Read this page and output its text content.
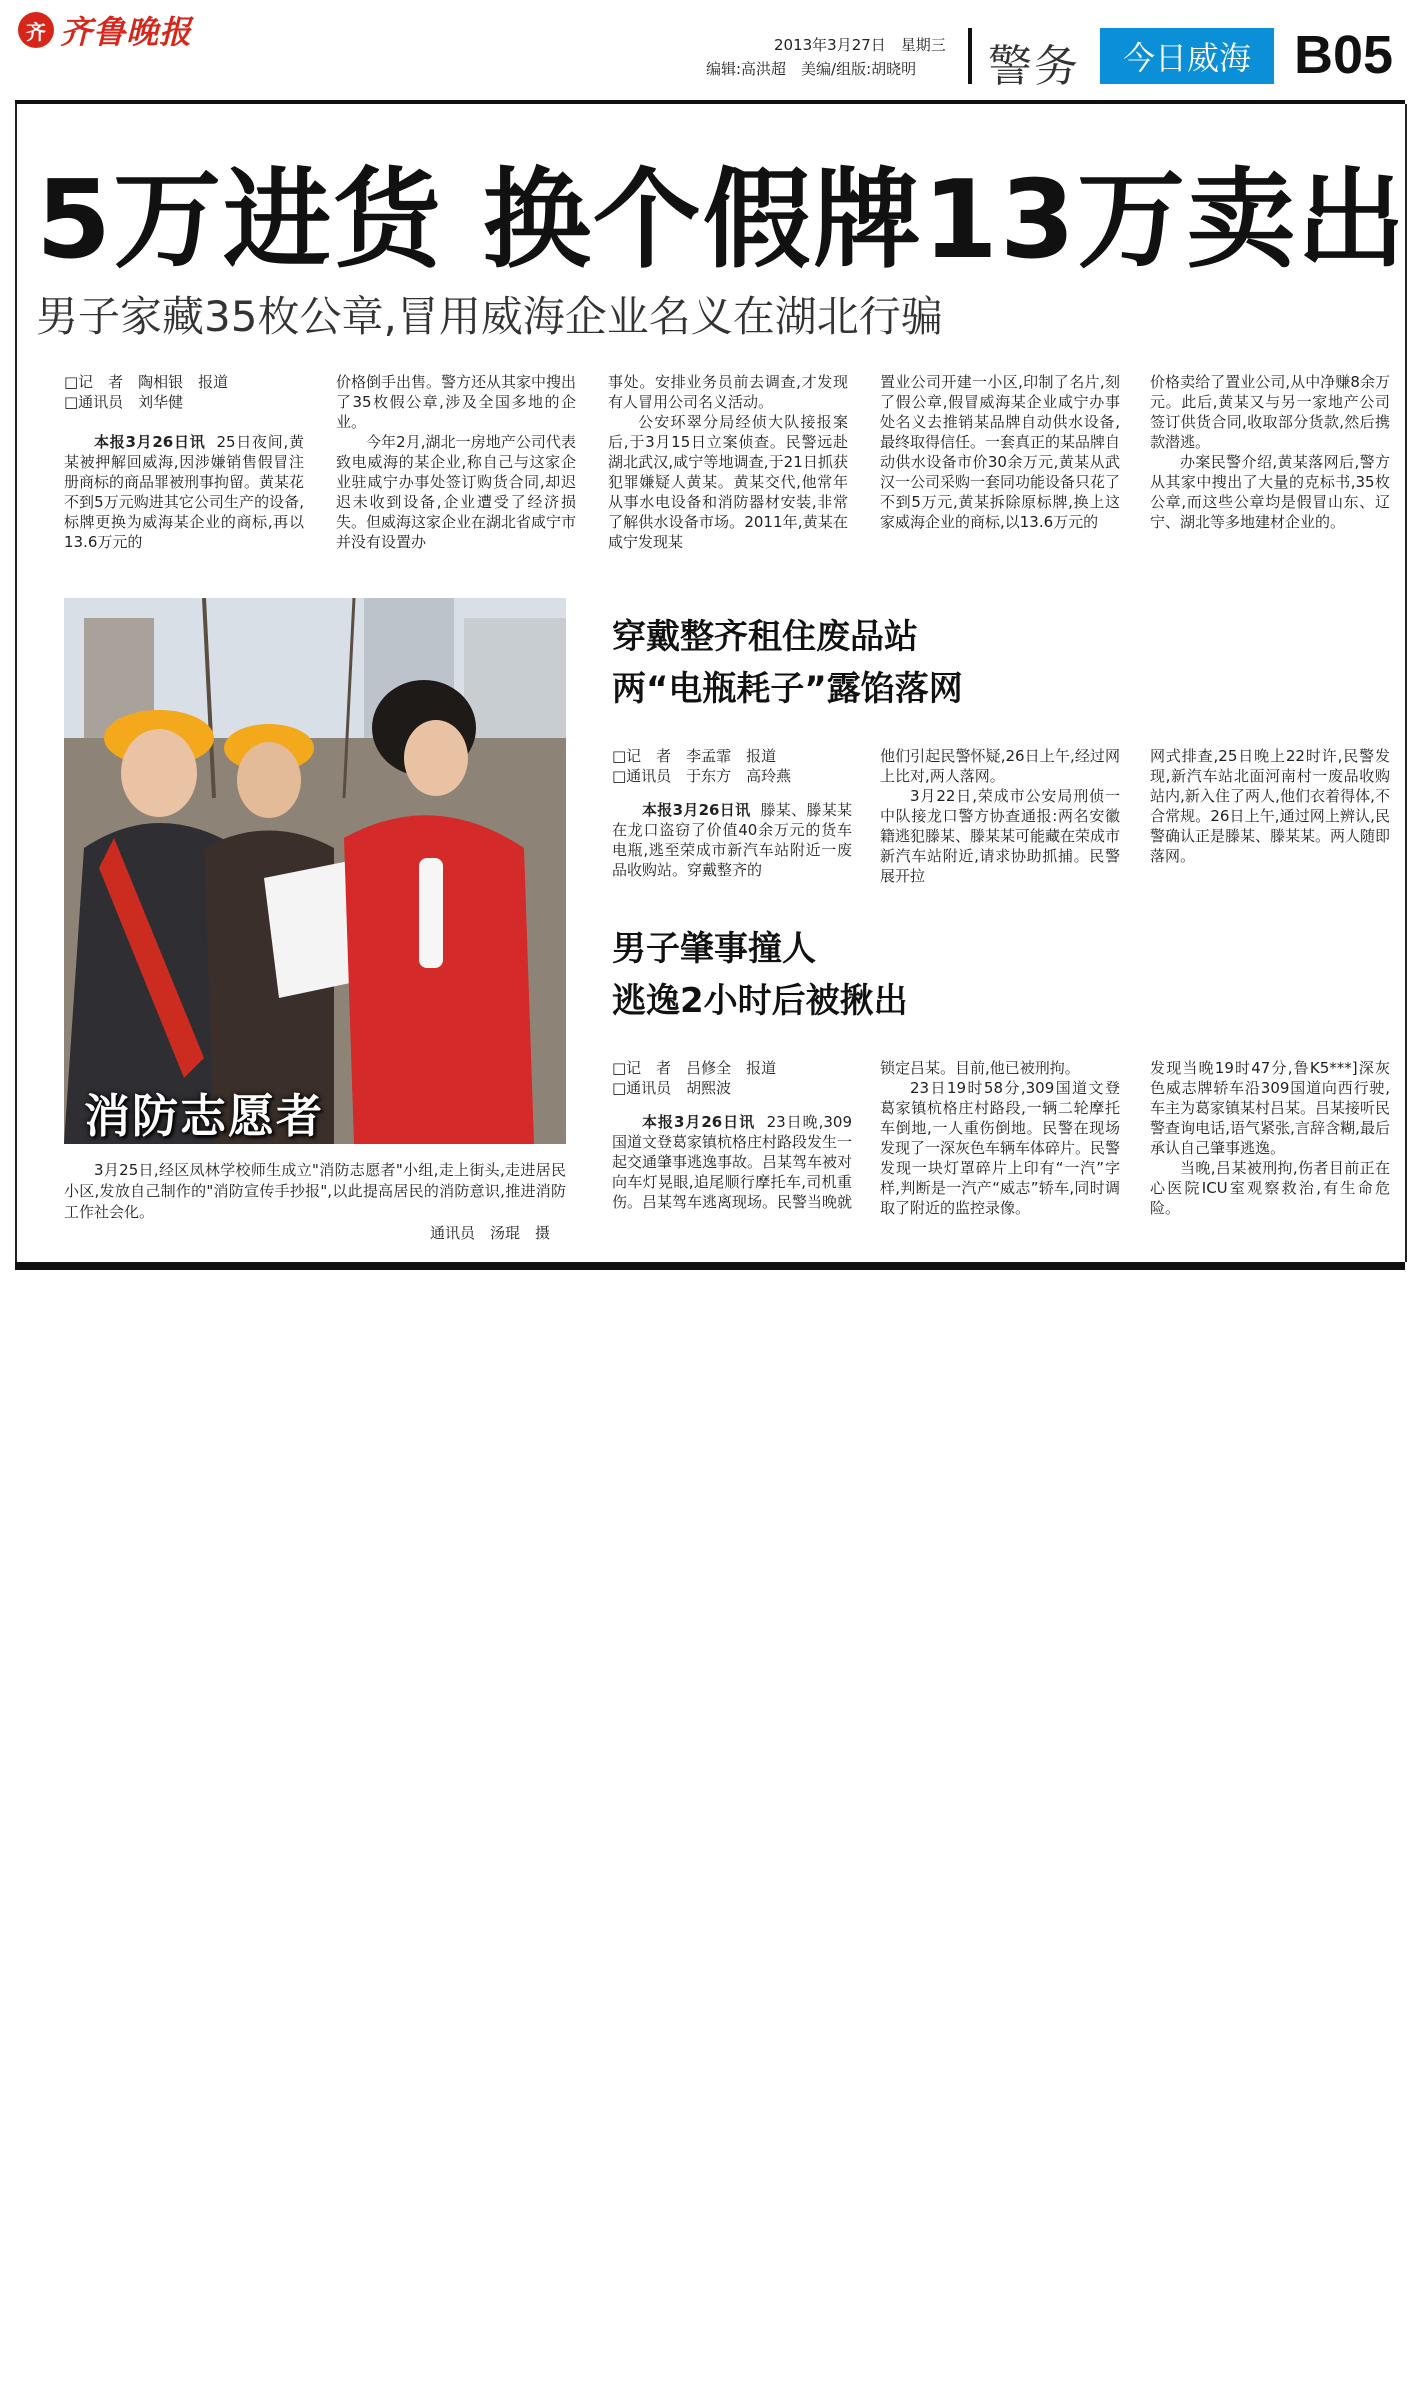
齐 齐鲁晚报	2013年3月27日　星期三
编辑:高洪超　美编/组版:胡晓明 警务	今日威海 B05
5万进货 换个假牌13万卖出
男子家藏35枚公章,冒用威海企业名义在湖北行骗
□记　者　陶相银　报道
□通讯员　刘华健

本报3月26日讯 25日夜间,黄某被押解回威海,因涉嫌销售假冒注册商标的商品罪被刑事拘留。黄某花不到5万元购进其它公司生产的设备,标牌更换为威海某企业的商标,再以13.6万元的

价格倒手出售。警方还从其家中搜出了35枚假公章,涉及全国多地的企业。

今年2月,湖北一房地产公司代表致电威海的某企业,称自己与这家企业驻咸宁办事处签订购货合同,却迟迟未收到设备,企业遭受了经济损失。但威海这家企业在湖北省咸宁市并没有设置办

事处。安排业务员前去调查,才发现有人冒用公司名义活动。

公安环翠分局经侦大队接报案后,于3月15日立案侦查。民警远赴湖北武汉,咸宁等地调查,于21日抓获犯罪嫌疑人黄某。黄某交代,他常年从事水电设备和消防器材安装,非常了解供水设备市场。2011年,黄某在咸宁发现某

置业公司开建一小区,印制了名片,刻了假公章,假冒威海某企业咸宁办事处名义去推销某品牌自动供水设备,最终取得信任。一套真正的某品牌自动供水设备市价30余万元,黄某从武汉一公司采购一套同功能设备只花了不到5万元,黄某拆除原标牌,换上这家威海企业的商标,以13.6万元的

价格卖给了置业公司,从中净赚8余万元。此后,黄某又与另一家地产公司签订供货合同,收取部分货款,然后携款潜逃。

办案民警介绍,黄某落网后,警方从其家中搜出了大量的克标书,35枚公章,而这些公章均是假冒山东、辽宁、湖北等多地建材企业的。

消防志愿者

3月25日,经区凤林学校师生成立"消防志愿者"小组,走上街头,走进居民小区,发放自己制作的"消防宣传手抄报",以此提高居民的消防意识,推进消防工作社会化。

通讯员　汤琨　摄
穿戴整齐租住废品站
两“电瓶耗子”露馅落网
□记　者　李孟霏　报道
□通讯员　于东方　高玲燕

本报3月26日讯 滕某、滕某某在龙口盗窃了价值40余万元的货车电瓶,逃至荣成市新汽车站附近一废品收购站。穿戴整齐的

他们引起民警怀疑,26日上午,经过网上比对,两人落网。

3月22日,荣成市公安局刑侦一中队接龙口警方协查通报:两名安徽籍逃犯滕某、滕某某可能藏在荣成市新汽车站附近,请求协助抓捕。民警展开拉

网式排查,25日晚上22时许,民警发现,新汽车站北面河南村一废品收购站内,新入住了两人,他们衣着得体,不合常规。26日上午,通过网上辨认,民警确认正是滕某、滕某某。两人随即落网。

男子肇事撞人
逃逸2小时后被揪出
□记　者　吕修全　报道
□通讯员　胡熙波

本报3月26日讯 23日晚,309国道文登葛家镇杭格庄村路段发生一起交通肇事逃逸事故。吕某驾车被对向车灯晃眼,追尾顺行摩托车,司机重伤。吕某驾车逃离现场。民警当晚就

锁定吕某。目前,他已被刑拘。

23日19时58分,309国道文登葛家镇杭格庄村路段,一辆二轮摩托车倒地,一人重伤倒地。民警在现场发现了一深灰色车辆车体碎片。民警发现一块灯罩碎片上印有“一汽”字样,判断是一汽产“威志”轿车,同时调取了附近的监控录像。

发现当晚19时47分,鲁K5***]深灰色威志牌轿车沿309国道向西行驶,车主为葛家镇某村吕某。吕某接听民警查询电话,语气紧张,言辞含糊,最后承认自己肇事逃逸。

当晚,吕某被刑拘,伤者目前正在心医院ICU室观察救治,有生命危险。
